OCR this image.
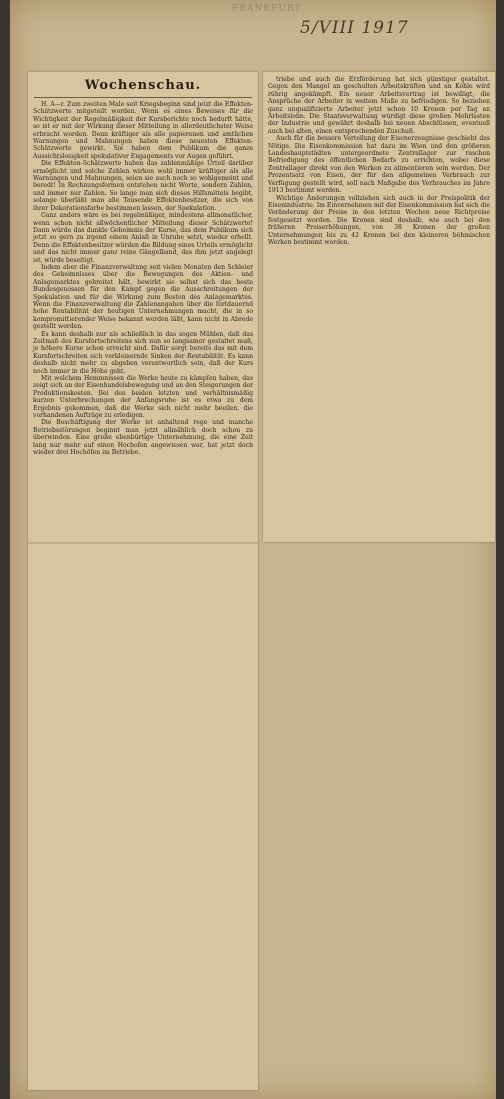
FRANKFURT
5/VIII 1917
Wochenschau.

H. A—r. Zum zweiten Male seit Kriegsbeginn sind jetzt die Effekten-Schätzwerte mitgeteilt worden. Wenn es eines Beweises für die Wichtigkeit der Regelmäßigkeit der Kursberichte noch bedurft hätte, so ist er mit der Wirkung dieser Mitteilung in allerdeutlichster Weise erbracht worden. Denn kräftiger als alle papierenen und amtlichen Warnungen und Mahnungen haben diese neuesten Effekten-Schätzwerte gewirkt. Sie haben dem Publikum die ganze Aussichtslosigkeit spekulativer Engagements vor Augen geführt.

Die Effekten-Schätzwerte haben das zahlenmäßige Urteil darüber ermöglicht und solche Zahlen wirken wohl immer kräftiger als alle Warnungen und Mahnungen, seien sie auch noch so wohlgemeint und beredt! In Rechnungsformen entstehen nicht Worte, sondern Zahlen, und immer nur Zahlen. So lange man sich dieses Hilfsmittels begibt, solange überläßt man alle Tausende Effektenbesitzer, die sich von ihrer Dekorationsfarbe bestimmen lassen, der Spekulation.

Ganz anders wäre es bei regelmäßiger, mindestens allmonatlicher, wenn schon nicht allwöchentlicher Mitteilung dieser Schätzwerte! Dann würde das dunkle Geheimnis der Kurse, das dem Publikum sich jetzt so gern zu irgend einem Anlaß in Unruhe setzt, wieder erhellt. Denn die Effektenbesitzer würden die Bildung eines Urteils ermöglicht und das nicht immer ganz reine Gängelband, das ihm jetzt angelegt ist, würde beseitigt.

Indem aber die Finanzverwaltung seit vielen Monaten den Schleier des Geheimnisses über die Bewegungen des Aktien- und Anlagemarktes gebreitet hält, bewirkt sie selbst sich das beste Bundesgenossen für den Kampf gegen die Ausschreitungen der Spekulation und für die Wirkung zum Besten des Anlagemarktes. Wenn die Finanzverwaltung die Zahlenangaben über die fortdauernd hohe Rentabilität der heutigen Unternehmungen macht, die in so kompromittierender Weise bekannt werden läßt, kann nicht in Abrede gestellt werden.

Es kann deshalb nur als schließlich in das sogen Mühlen, daß das Zeitmaß des Kursfortschreitens sich nun so langsamer gestaltet muß, je höhere Kurse schon erreicht sind. Dafür sorgt bereits das mit dem Kursfortschreiten sich verkleinernde Sinken der Rentabilität. Es kann deshalb nicht mehr zu abgeben verantwortlich sein, daß der Kurs noch immer in die Höhe geht.

Mit welchem Hemmnissen die Werke heute zu kämpfen haben, das zeigt sich an der Eisenhandelsbewegung und an den Steigerungen der Produktionskosten. Bei den beiden letzten und verhältnismäßig kurzen Unterbrechungen der Anfangsruhe ist es etwa zu dem Ergebnis gekommen, daß die Werke sich nicht mehr beeilen, die vorhandenen Aufträge zu erledigen.

Die Beschäftigung der Werke ist anhaltend rege und manche Betriebsstörungen beginnt man jetzt allmählich doch schon zu überwinden. Eine große ebenbürtige Unternehmung, die eine Zeit lang nur mehr auf einen Hochofen angewiesen war, hat jetzt doch wieder drei Hochöfen im Betriebe.

triebe und auch die Erzförderung hat sich günstiger gestaltet. Gegen den Mangel an geschulten Arbeitskräften und an Kohle wird rührig angekämpft. Ein neuer Arbeitsvertrag ist bewilligt, die Ansprüche der Arbeiter in weitem Maße zu befriedigen. So beziehen ganz unqualifizierte Arbeiter jetzt schon 10 Kronen per Tag an Arbeitslohn. Die Staatsverwaltung würdigt diese großen Mehrlasten der Industrie und gewährt deshalb bei neuen Abschlüssen, eventuell auch bei alten, einen entsprechenden Zuschuß.

Auch für die bessere Verteilung der Eisenerzeugnisse geschieht das Nötige. Die Eisenkommission hat dazu im Wien und den größeren Landeshauptstädten untergeordnete Zentrallager zur raschen Befriedigung des öffentlichen Bedarfs zu errichten, wobei diese Zentrallager direkt von den Werken zu alimentieren sein werden. Der Prozentsatz von Eisen, der für den allgemeinen Verbrauch zur Verfügung gestellt wird, soll nach Maßgabe des Verbrauches im Jahre 1913 bestimmt werden.

Wichtige Änderungen vollziehen sich auch in der Preispolitik der Eisenindustrie. Im Einvernehmen mit der Eisenkommission hat sich die Veränderung der Preise in den letzten Wochen neue Richtpreise festgesetzt worden. Die Kronen sind deshalb, wie auch bei den früheren Preiserhöhungen, von 38 Kronen der großen Unternehmungen bis zu 42 Kronen bei den kleineren böhmischen Werken bestimmt worden.
